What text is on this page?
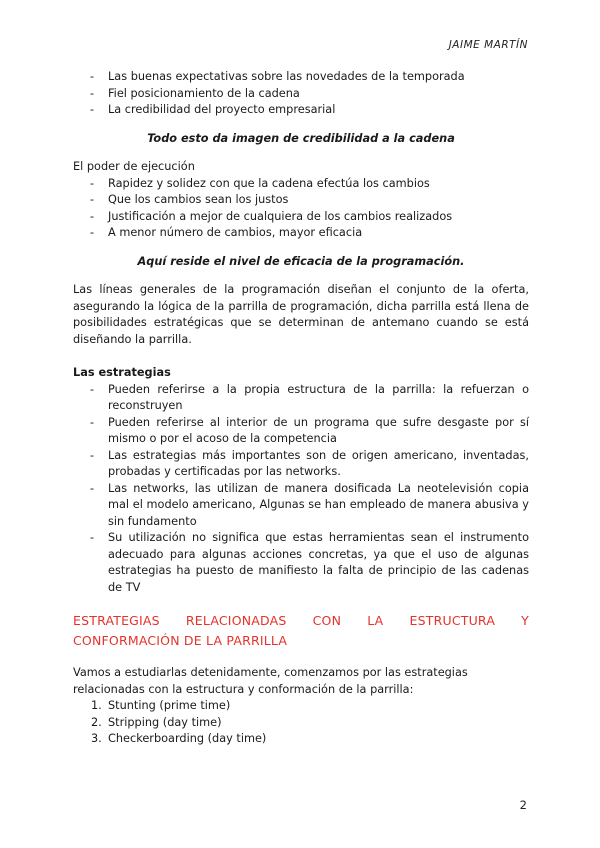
JAIME MARTÍN
- Las buenas expectativas sobre las novedades de la temporada
- Fiel posicionamiento de la cadena
- La credibilidad del proyecto empresarial

Todo esto da imagen de credibilidad a la cadena

El poder de ejecución

- Rapidez y solidez con que la cadena efectúa los cambios
- Que los cambios sean los justos
- Justificación a mejor de cualquiera de los cambios realizados
- A menor número de cambios, mayor eficacia

Aquí reside el nivel de eficacia de la programación.

Las líneas generales de la programación diseñan el conjunto de la oferta, asegurando la lógica de la parrilla de programación, dicha parrilla está llena de posibilidades estratégicas que se determinan de antemano cuando se está diseñando la parrilla.

Las estrategias

- Pueden referirse a la propia estructura de la parrilla: la refuerzan o reconstruyen
- Pueden referirse al interior de un programa que sufre desgaste por sí mismo o por el acoso de la competencia
- Las estrategias más importantes son de origen americano, inventadas, probadas y certificadas por las networks.
- Las networks, las utilizan de manera dosificada La neotelevisión copia mal el modelo americano, Algunas se han empleado de manera abusiva y sin fundamento
- Su utilización no significa que estas herramientas sean el instrumento adecuado para algunas acciones concretas, ya que el uso de algunas estrategias ha puesto de manifiesto la falta de principio de las cadenas de TV
ESTRATEGIAS RELACIONADAS CON LA ESTRUCTURA Y CONFORMACIÓN DE LA PARRILLA

Vamos a estudiarlas detenidamente, comenzamos por las estrategias relacionadas con la estructura y conformación de la parrilla:

1. Stunting (prime time)
2. Stripping (day time)
3. Checkerboarding (day time)
2
